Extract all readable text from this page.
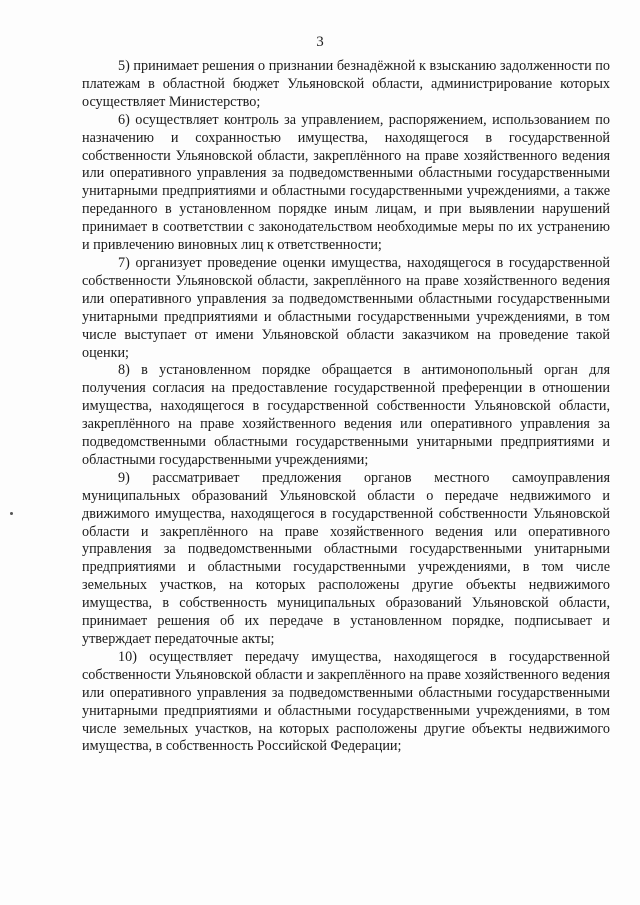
3

5) принимает решения о признании безнадёжной к взысканию задолженности по платежам в областной бюджет Ульяновской области, администрирование которых осуществляет Министерство;

6) осуществляет контроль за управлением, распоряжением, использованием по назначению и сохранностью имущества, находящегося в государственной собственности Ульяновской области, закреплённого на праве хозяйственного ведения или оперативного управления за подведомственными областными государственными унитарными предприятиями и областными государственными учреждениями, а также переданного в установленном порядке иным лицам, и при выявлении нарушений принимает в соответствии с законодательством необходимые меры по их устранению и привлечению виновных лиц к ответственности;

7) организует проведение оценки имущества, находящегося в государственной собственности Ульяновской области, закреплённого на праве хозяйственного ведения или оперативного управления за подведомственными областными государственными унитарными предприятиями и областными государственными учреждениями, в том числе выступает от имени Ульяновской области заказчиком на проведение такой оценки;

8) в установленном порядке обращается в антимонопольный орган для получения согласия на предоставление государственной преференции в отношении имущества, находящегося в государственной собственности Ульяновской области, закреплённого на праве хозяйственного ведения или оперативного управления за подведомственными областными государственными унитарными предприятиями и областными государственными учреждениями;

9) рассматривает предложения органов местного самоуправления муниципальных образований Ульяновской области о передаче недвижимого и движимого имущества, находящегося в государственной собственности Ульяновской области и закреплённого на праве хозяйственного ведения или оперативного управления за подведомственными областными государственными унитарными предприятиями и областными государственными учреждениями, в том числе земельных участков, на которых расположены другие объекты недвижимого имущества, в собственность муниципальных образований Ульяновской области, принимает решения об их передаче в установленном порядке, подписывает и утверждает передаточные акты;

10) осуществляет передачу имущества, находящегося в государственной собственности Ульяновской области и закреплённого на праве хозяйственного ведения или оперативного управления за подведомственными областными государственными унитарными предприятиями и областными государственными учреждениями, в том числе земельных участков, на которых расположены другие объекты недвижимого имущества, в собственность Российской Федерации;
